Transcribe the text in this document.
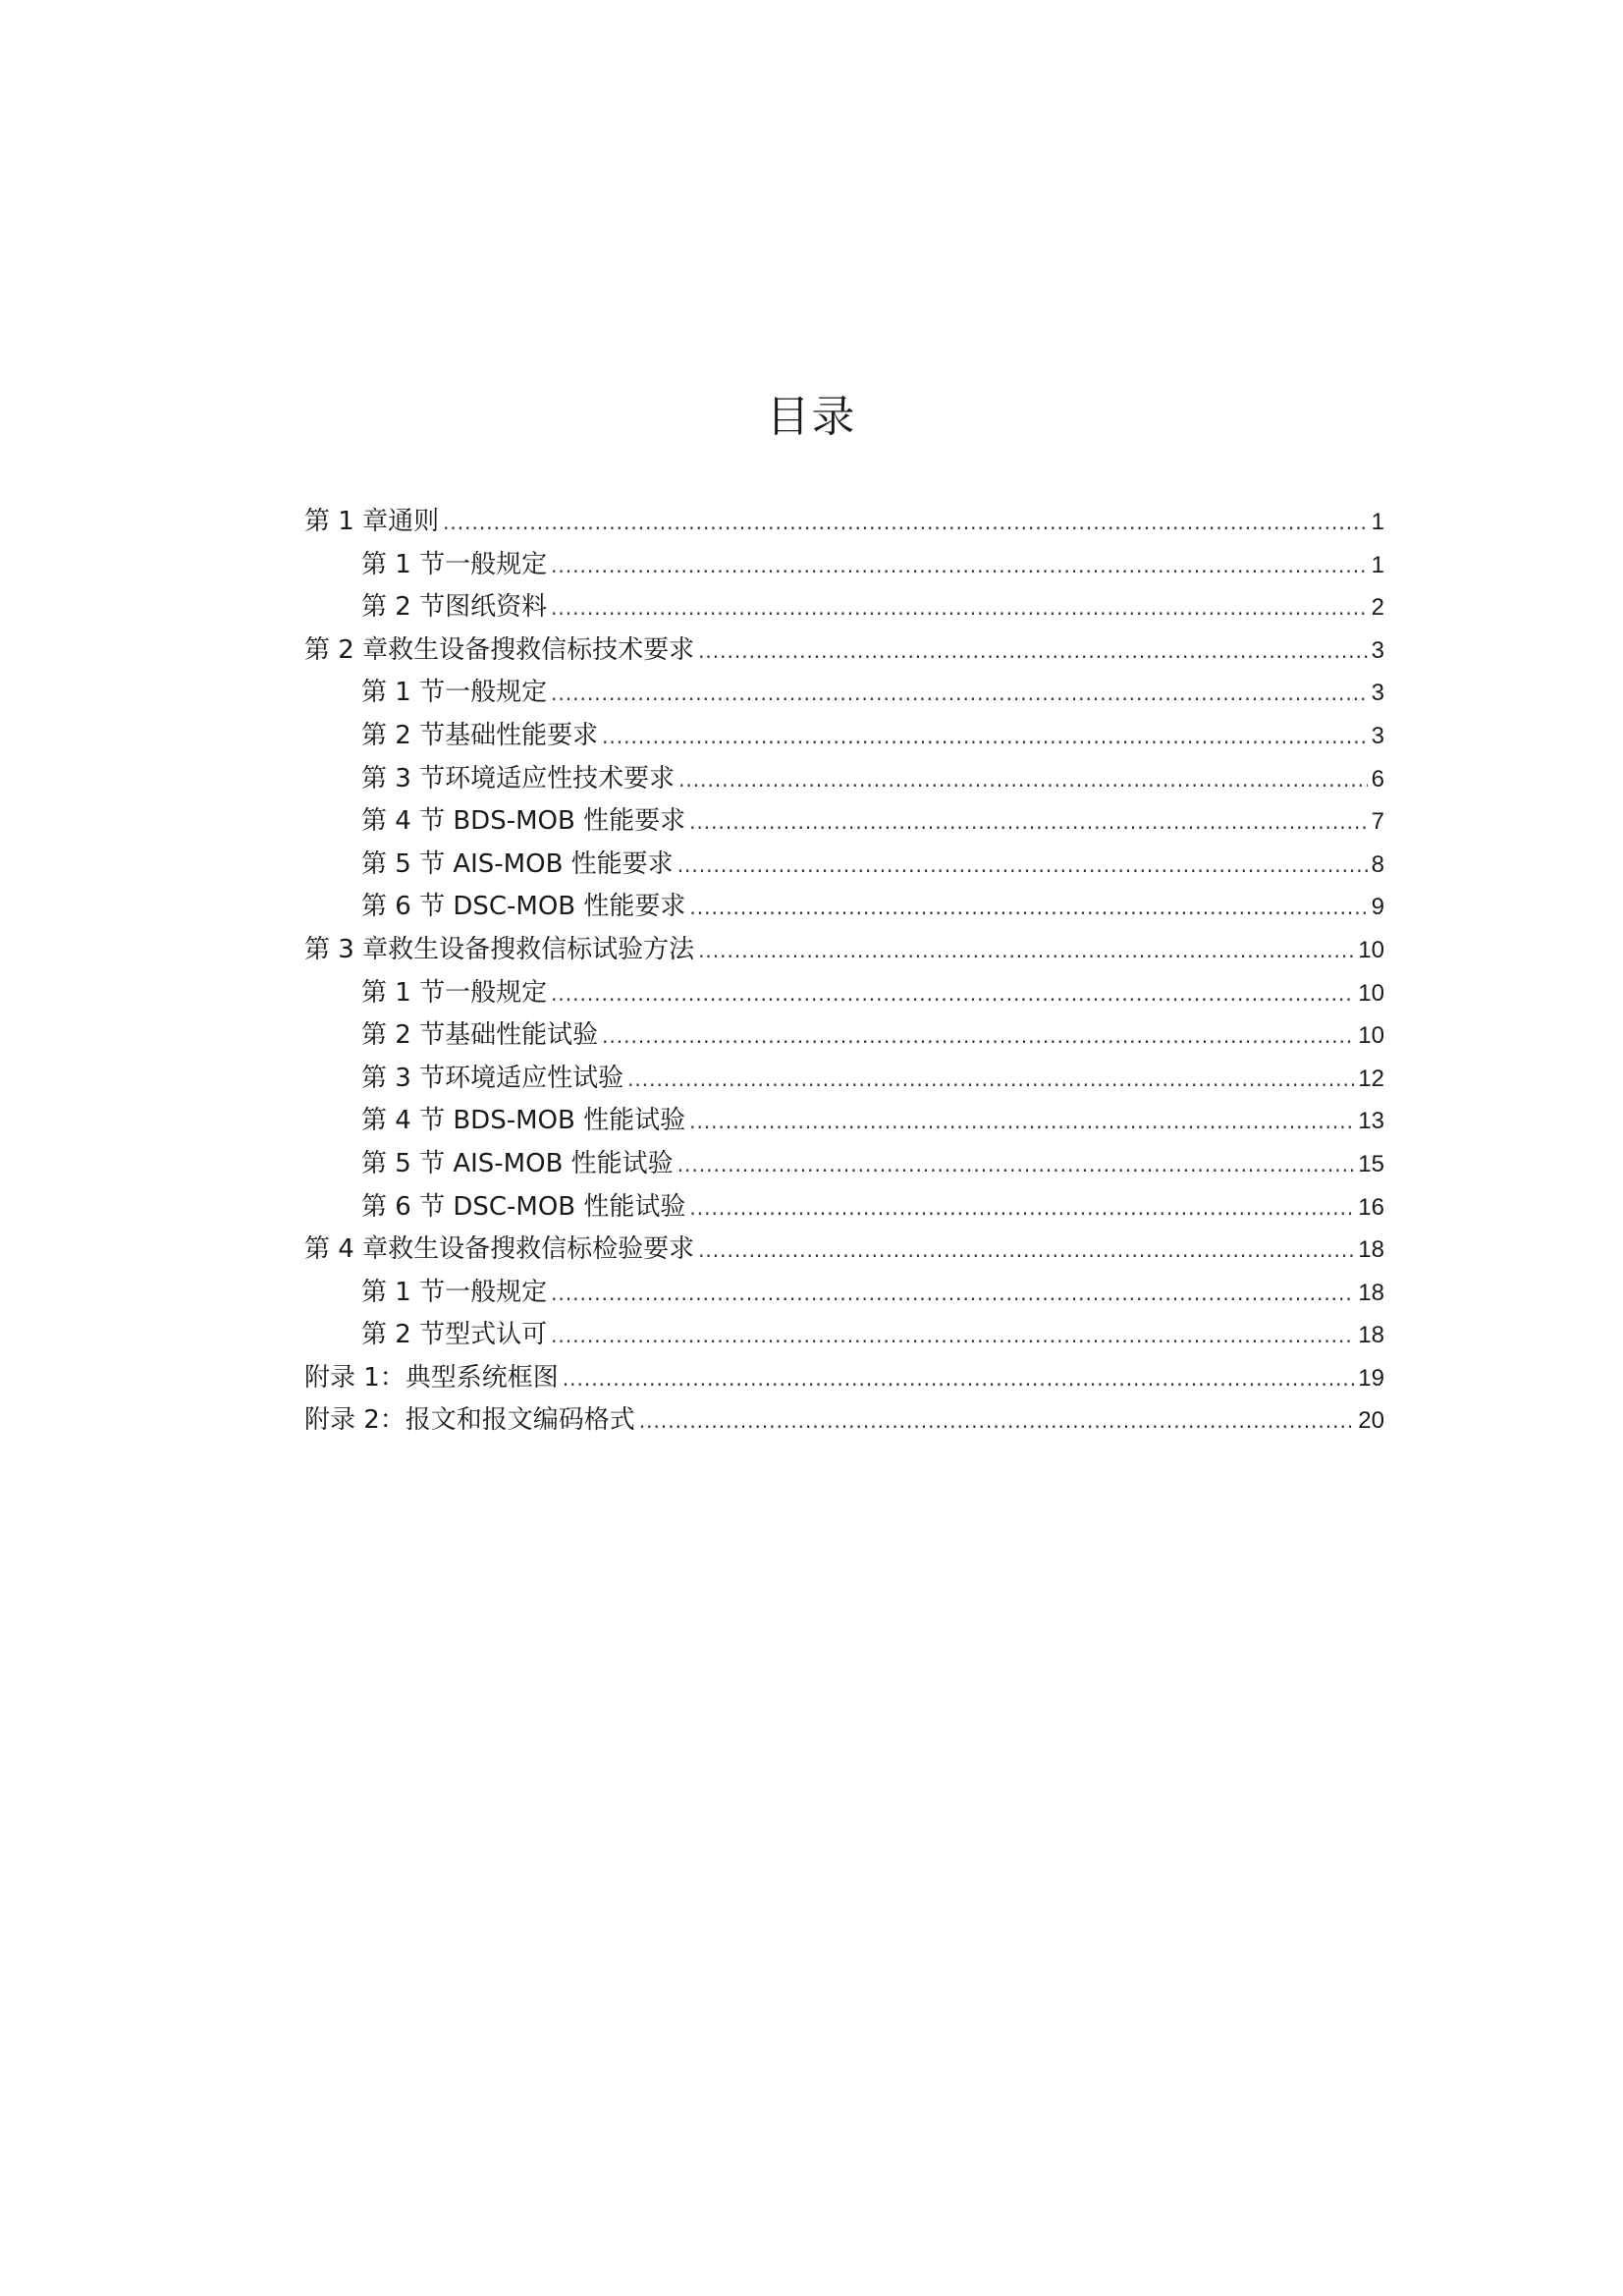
目录
第 1 章通则 .....	1
第 1 节一般规定 .....	1
第 2 节图纸资料 .....	2
第 2 章救生设备搜救信标技术要求 .....	3
第 1 节一般规定 .....	3
第 2 节基础性能要求 .....	3
第 3 节环境适应性技术要求 .....	6
第 4 节 BDS-MOB 性能要求 .....	7
第 5 节 AIS-MOB 性能要求 .....	8
第 6 节 DSC-MOB 性能要求 .....	9
第 3 章救生设备搜救信标试验方法 .....	10
第 1 节一般规定 .....	10
第 2 节基础性能试验 .....	10
第 3 节环境适应性试验 .....	12
第 4 节 BDS-MOB 性能试验 .....	13
第 5 节 AIS-MOB 性能试验 .....	15
第 6 节 DSC-MOB 性能试验 .....	16
第 4 章救生设备搜救信标检验要求 .....	18
第 1 节一般规定 .....	18
第 2 节型式认可 .....	18
附录 1：典型系统框图 .....	19
附录 2：报文和报文编码格式 .....	20
